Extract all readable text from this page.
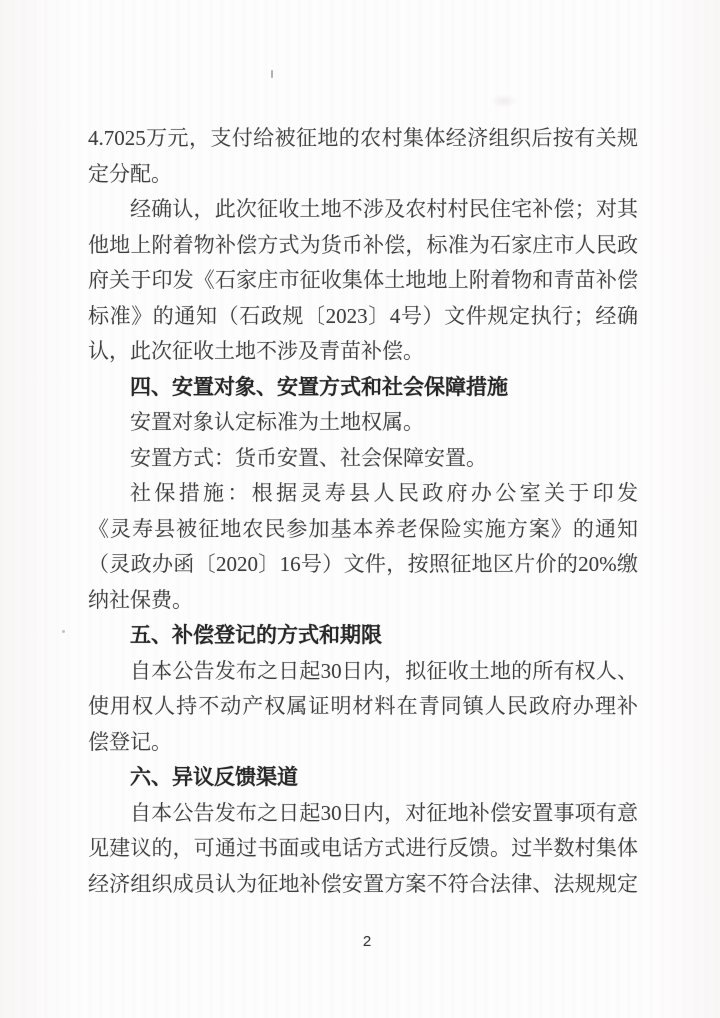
4.7025万元，支付给被征地的农村集体经济组织后按有关规
定分配。
经确认，此次征收土地不涉及农村村民住宅补偿；对其
他地上附着物补偿方式为货币补偿，标准为石家庄市人民政
府关于印发《石家庄市征收集体土地地上附着物和青苗补偿
标准》的通知（石政规〔2023〕4号）文件规定执行；经确
认，此次征收土地不涉及青苗补偿。
四、安置对象、安置方式和社会保障措施
安置对象认定标准为土地权属。
安置方式：货币安置、社会保障安置。
社保措施：根据灵寿县人民政府办公室关于印发
《灵寿县被征地农民参加基本养老保险实施方案》的通知
（灵政办函〔2020〕16号）文件，按照征地区片价的20%缴
纳社保费。
五、补偿登记的方式和期限
自本公告发布之日起30日内，拟征收土地的所有权人、
使用权人持不动产权属证明材料在青同镇人民政府办理补
偿登记。
六、异议反馈渠道
自本公告发布之日起30日内，对征地补偿安置事项有意
见建议的，可通过书面或电话方式进行反馈。过半数村集体
经济组织成员认为征地补偿安置方案不符合法律、法规规定
2
